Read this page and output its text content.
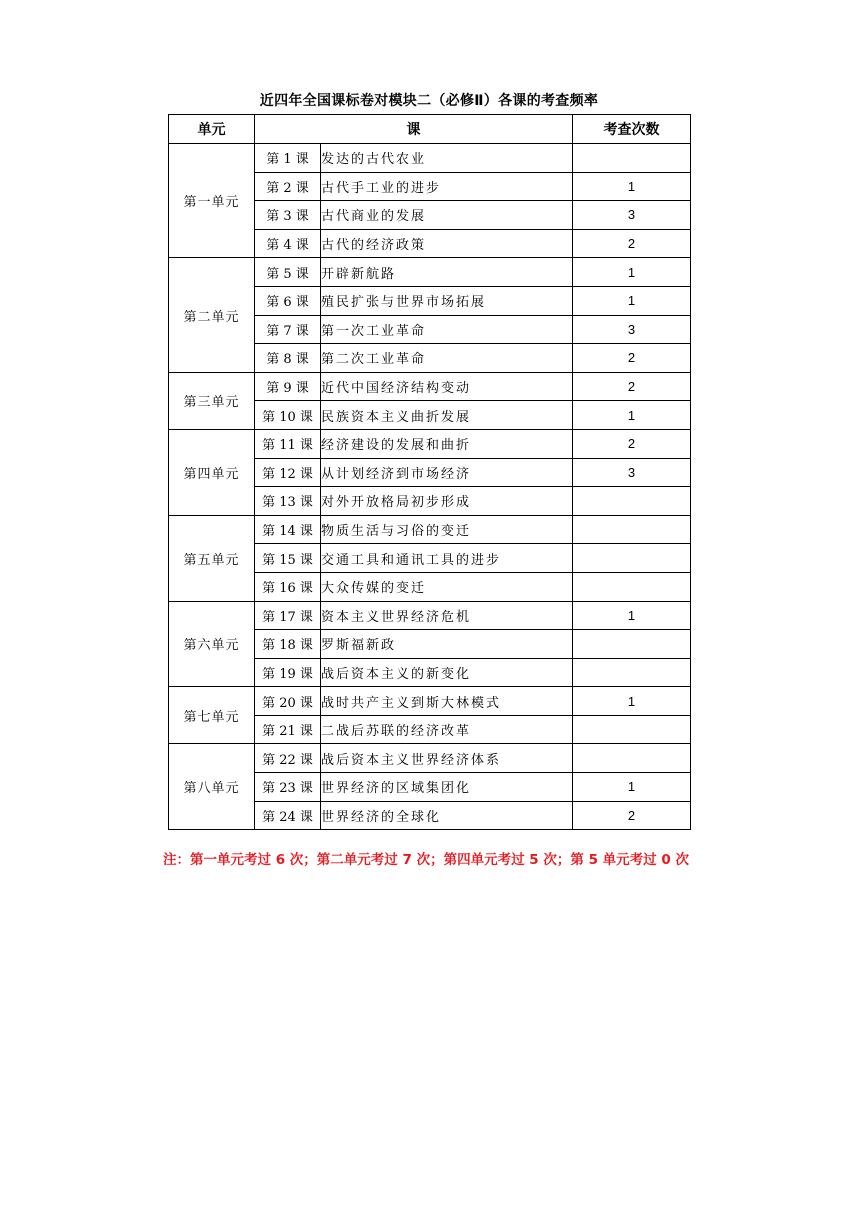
近四年全国课标卷对模块二（必修Ⅱ）各课的考查频率
单元	课		考查次数
第一单元	第 1 课	发达的古代农业	
	第 2 课	古代手工业的进步	1
	第 3 课	古代商业的发展	3
	第 4 课	古代的经济政策	2
第二单元	第 5 课	开辟新航路	1
	第 6 课	殖民扩张与世界市场拓展	1
	第 7 课	第一次工业革命	3
	第 8 课	第二次工业革命	2
第三单元	第 9 课	近代中国经济结构变动	2
	第 10 课	民族资本主义曲折发展	1
第四单元	第 11 课	经济建设的发展和曲折	2
	第 12 课	从计划经济到市场经济	3
	第 13 课	对外开放格局初步形成	
第五单元	第 14 课	物质生活与习俗的变迁	
	第 15 课	交通工具和通讯工具的进步	
	第 16 课	大众传媒的变迁	
第六单元	第 17 课	资本主义世界经济危机	1
	第 18 课	罗斯福新政	
	第 19 课	战后资本主义的新变化	
第七单元	第 20 课	战时共产主义到斯大林模式	1
	第 21 课	二战后苏联的经济改革	
第八单元	第 22 课	战后资本主义世界经济体系	
	第 23 课	世界经济的区域集团化	1
	第 24 课	世界经济的全球化	2
注：第一单元考过 6 次；第二单元考过 7 次；第四单元考过 5 次；第 5 单元考过 0 次
